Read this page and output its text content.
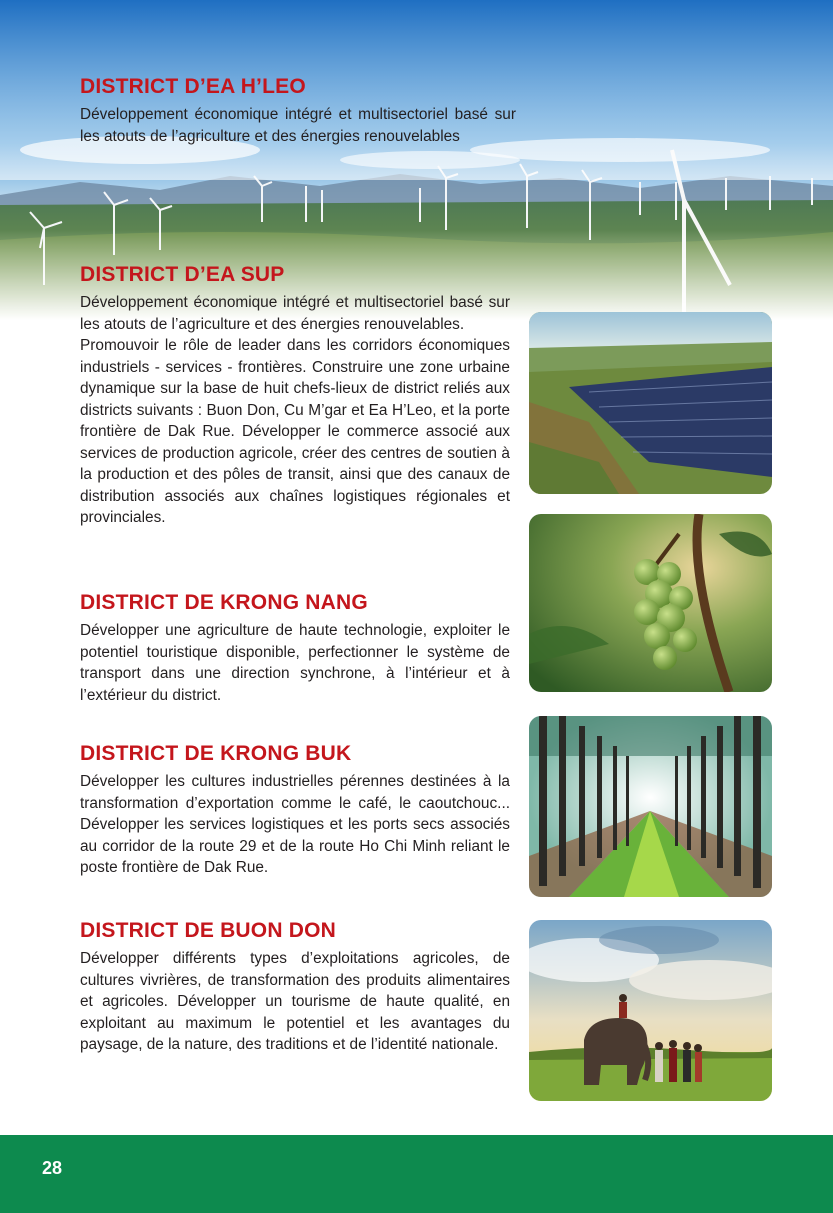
DISTRICT D’EA H’LEO

Développement économique intégré et multisectoriel basé sur les atouts de l’agriculture et des énergies renouvelables

DISTRICT D’EA SUP

Développement économique intégré et multisectoriel basé sur les atouts de l’agriculture et des énergies renouvelables.

Promouvoir le rôle de leader dans les corridors économiques industriels - services - frontières. Construire une zone urbaine dynamique sur la base de huit chefs-lieux de district reliés aux districts suivants : Buon Don, Cu M’gar et Ea H’Leo, et la porte frontière de Dak Rue. Développer le commerce associé aux services de production agricole, créer des centres de soutien à la production et des pôles de transit, ainsi que des canaux de distribution associés aux chaînes logistiques régionales et provinciales.

DISTRICT DE KRONG NANG

Développer une agriculture de haute technologie, exploiter le potentiel touristique disponible, perfectionner le système de transport dans une direction synchrone, à l’intérieur et à l’extérieur du district.

DISTRICT DE KRONG BUK

Développer les cultures industrielles pérennes destinées à la transformation d’exportation comme le café, le caoutchouc... Développer les services logistiques et les ports secs associés au corridor de la route 29 et de la route Ho Chi Minh reliant le poste frontière de Dak Rue.

DISTRICT DE BUON DON

Développer différents types d’exploitations agricoles, de cultures vivrières, de transformation des produits alimentaires et agricoles. Développer un tourisme de haute qualité, en exploitant au maximum le potentiel et les avantages du paysage, de la nature, des traditions et de l’identité nationale.

28
